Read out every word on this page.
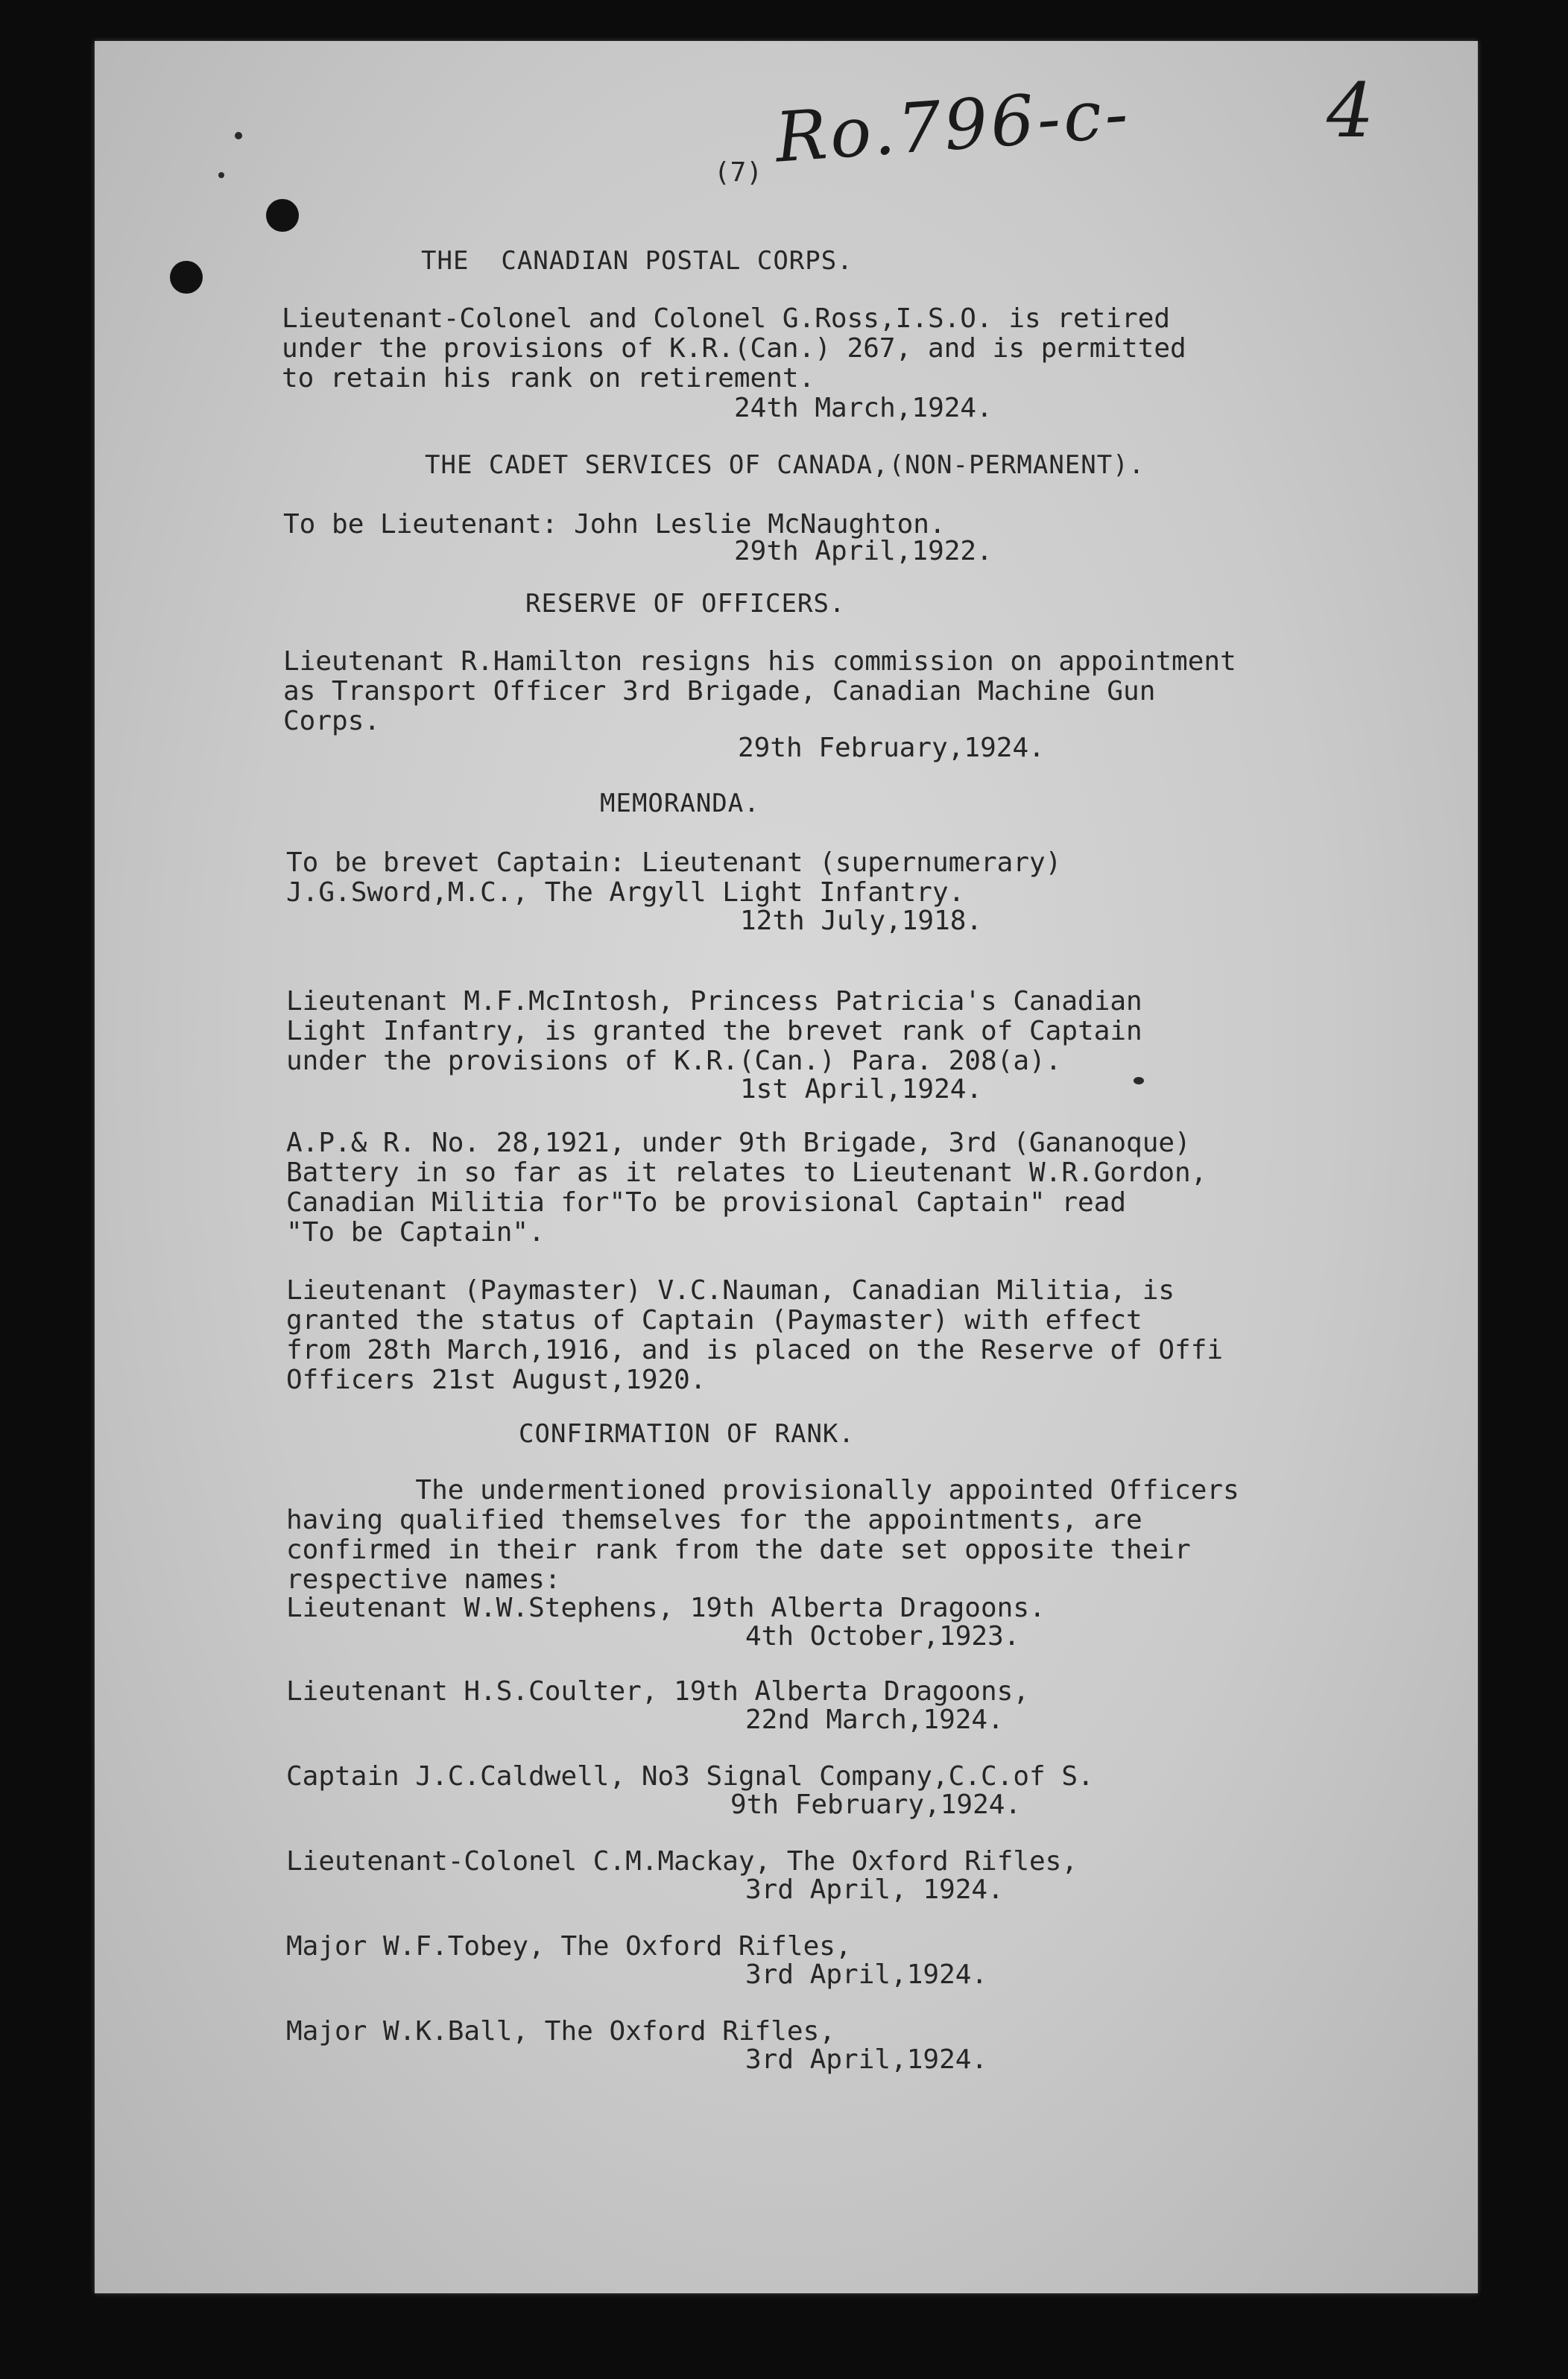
Ro.796-c-	4
(7)
THE  CANADIAN POSTAL CORPS.
Lieutenant-Colonel and Colonel G.Ross,I.S.O. is retired
under the provisions of K.R.(Can.) 267, and is permitted
to retain his rank on retirement.
24th March,1924.
THE CADET SERVICES OF CANADA,(NON-PERMANENT).
To be Lieutenant: John Leslie McNaughton.
29th April,1922.
RESERVE OF OFFICERS.
Lieutenant R.Hamilton resigns his commission on appointment
as Transport Officer 3rd Brigade, Canadian Machine Gun
Corps.
29th February,1924.
MEMORANDA.
To be brevet Captain: Lieutenant (supernumerary)
J.G.Sword,M.C., The Argyll Light Infantry.
12th July,1918.
Lieutenant M.F.McIntosh, Princess Patricia's Canadian
Light Infantry, is granted the brevet rank of Captain
under the provisions of K.R.(Can.) Para. 208(a).
1st April,1924.
A.P.& R. No. 28,1921, under 9th Brigade, 3rd (Gananoque)
Battery in so far as it relates to Lieutenant W.R.Gordon,
Canadian Militia for"To be provisional Captain" read
"To be Captain".
Lieutenant (Paymaster) V.C.Nauman, Canadian Militia, is
granted the status of Captain (Paymaster) with effect
from 28th March,1916, and is placed on the Reserve of Offi
Officers 21st August,1920.
CONFIRMATION OF RANK.
The undermentioned provisionally appointed Officers
having qualified themselves for the appointments, are
confirmed in their rank from the date set opposite their
respective names:
Lieutenant W.W.Stephens, 19th Alberta Dragoons.
4th October,1923.
Lieutenant H.S.Coulter, 19th Alberta Dragoons,
22nd March,1924.
Captain J.C.Caldwell, No3 Signal Company,C.C.of S.
9th February,1924.
Lieutenant-Colonel C.M.Mackay, The Oxford Rifles,
3rd April, 1924.
Major W.F.Tobey, The Oxford Rifles,
3rd April,1924.
Major W.K.Ball, The Oxford Rifles,
3rd April,1924.
